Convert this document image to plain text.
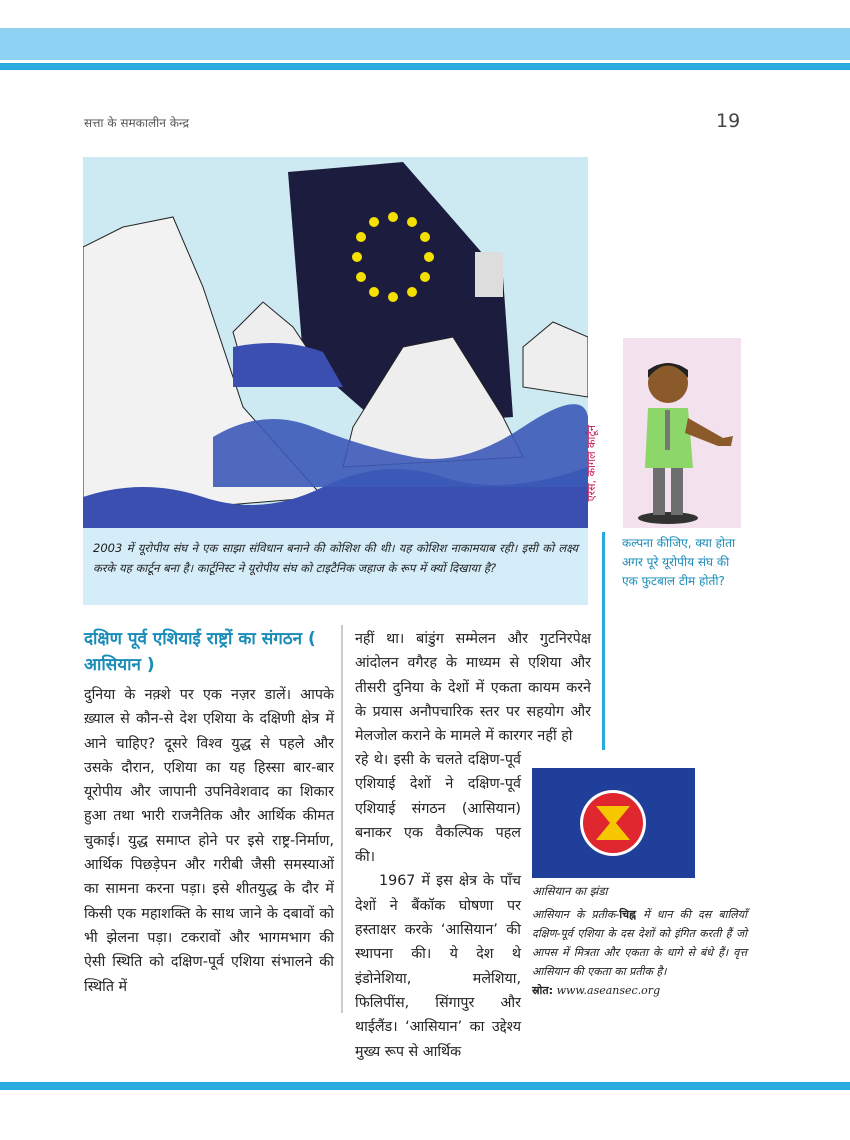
सत्ता के समकालीन केन्द्र	19
एरेस, कागल कार्टून
2003 में यूरोपीय संघ ने एक साझा संविधान बनाने की कोशिश की थी। यह कोशिश नाकामयाब रही। इसी को लक्ष्य करके यह कार्टून बना है। कार्टूनिस्ट ने यूरोपीय संघ को टाइटैनिक जहाज के रूप में क्यों दिखाया है?
कल्पना कीजिए, क्या होता अगर पूरे यूरोपीय संघ की एक फुटबाल टीम होती?
दक्षिण पूर्व एशियाई राष्ट्रों का संगठन ( आसियान )
दुनिया के नक़्शे पर एक नज़र डालें। आपके ख़्याल से कौन-से देश एशिया के दक्षिणी क्षेत्र में आने चाहिए? दूसरे विश्व युद्ध से पहले और उसके दौरान, एशिया का यह हिस्सा बार-बार यूरोपीय और जापानी उपनिवेशवाद का शिकार हुआ तथा भारी राजनैतिक और आर्थिक कीमत चुकाई। युद्ध समाप्त होने पर इसे राष्ट्र-निर्माण, आर्थिक पिछड़ेपन और गरीबी जैसी समस्याओं का सामना करना पड़ा। इसे शीतयुद्ध के दौर में किसी एक महाशक्ति के साथ जाने के दबावों को भी झेलना पड़ा। टकरावों और भागमभाग की ऐसी स्थिति को दक्षिण-पूर्व एशिया संभालने की स्थिति में
नहीं था। बांडुंग सम्मेलन और गुटनिरपेक्ष आंदोलन वगैरह के माध्यम से एशिया और तीसरी दुनिया के देशों में एकता कायम करने के प्रयास अनौपचारिक स्तर पर सहयोग और मेलजोल कराने के मामले में कारगर नहीं हो
रहे थे। इसी के चलते दक्षिण-पूर्व एशियाई देशों ने दक्षिण-पूर्व एशियाई संगठन (आसियान) बनाकर एक वैकल्पिक पहल की।
1967 में इस क्षेत्र के पाँच देशों ने बैंकॉक घोषणा पर हस्ताक्षर करके ‘आसियान’ की स्थापना की। ये देश थे इंडोनेशिया, मलेशिया, फिलिपींस, सिंगापुर और थाईलैंड। ‘आसियान’ का उद्देश्य मुख्य रूप से आर्थिक
आसियान का झंडा
आसियान के प्रतीक-चिह्न में धान की दस बालियाँ दक्षिण-पूर्व एशिया के दस देशों को इंगित करती हैं जो आपस में मित्रता और एकता के धागे से बंधे हैं। वृत्त आसियान की एकता का प्रतीक है।
स्रोत: www.aseansec.org
